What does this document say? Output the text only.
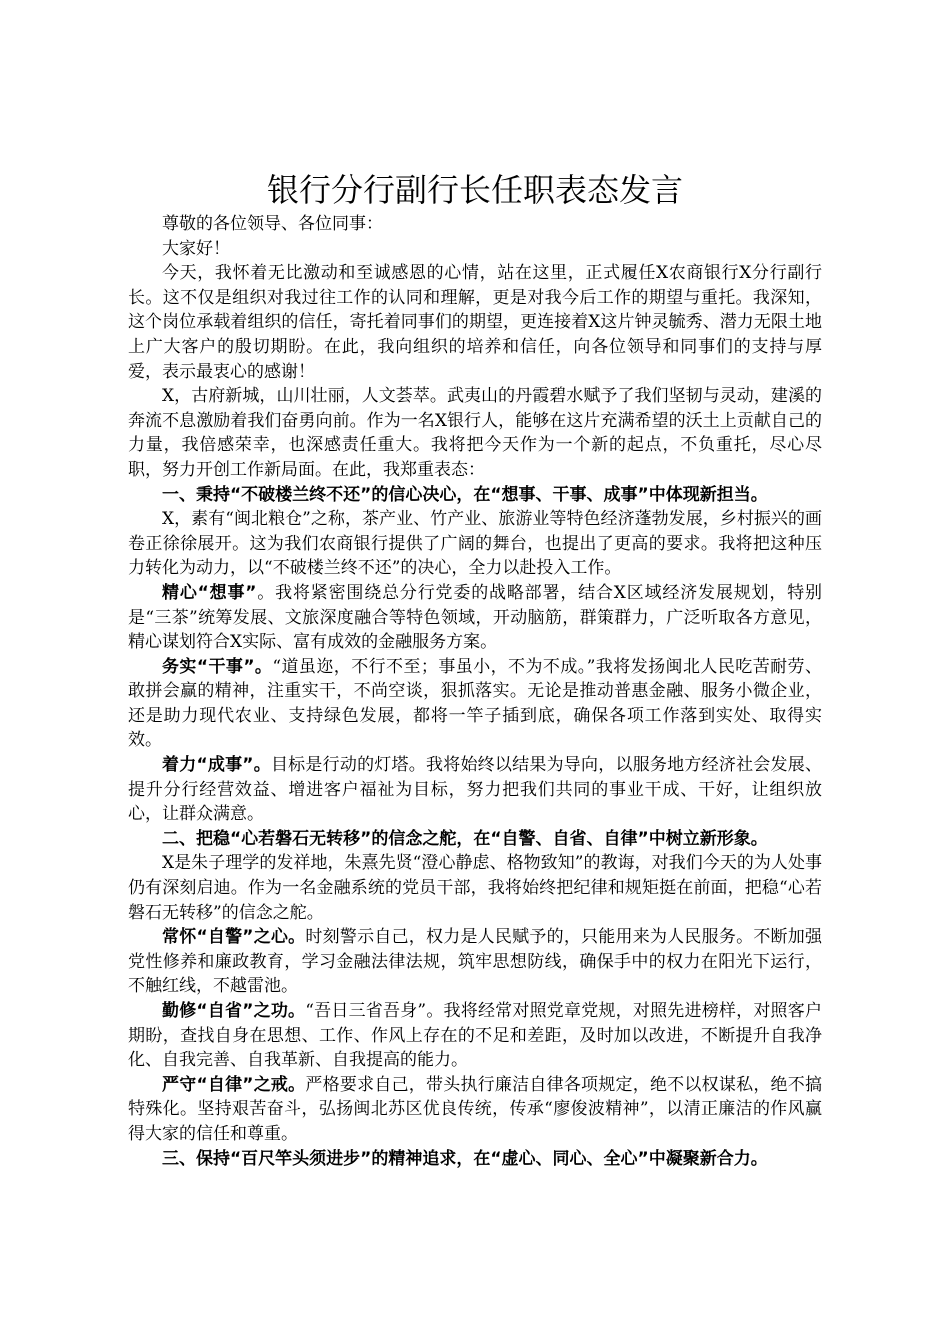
银行分行副行长任职表态发言

尊敬的各位领导、各位同事：

大家好！

今天，我怀着无比激动和至诚感恩的心情，站在这里，正式履任X农商银行X分行副行长。这不仅是组织对我过往工作的认同和理解，更是对我今后工作的期望与重托。我深知，这个岗位承载着组织的信任，寄托着同事们的期望，更连接着X这片钟灵毓秀、潜力无限土地上广大客户的殷切期盼。在此，我向组织的培养和信任，向各位领导和同事们的支持与厚爱，表示最衷心的感谢！

X，古府新城，山川壮丽，人文荟萃。武夷山的丹霞碧水赋予了我们坚韧与灵动，建溪的奔流不息激励着我们奋勇向前。作为一名X银行人，能够在这片充满希望的沃土上贡献自己的力量，我倍感荣幸，也深感责任重大。我将把今天作为一个新的起点，不负重托，尽心尽职，努力开创工作新局面。在此，我郑重表态：

一、秉持“不破楼兰终不还”的信心决心，在“想事、干事、成事”中体现新担当。

X，素有“闽北粮仓”之称，茶产业、竹产业、旅游业等特色经济蓬勃发展，乡村振兴的画卷正徐徐展开。这为我们农商银行提供了广阔的舞台，也提出了更高的要求。我将把这种压力转化为动力，以“不破楼兰终不还”的决心，全力以赴投入工作。

精心“想事”。我将紧密围绕总分行党委的战略部署，结合X区域经济发展规划，特别是“三茶”统筹发展、文旅深度融合等特色领域，开动脑筋，群策群力，广泛听取各方意见，精心谋划符合X实际、富有成效的金融服务方案。

务实“干事”。“道虽迩，不行不至；事虽小，不为不成。”我将发扬闽北人民吃苦耐劳、敢拼会赢的精神，注重实干，不尚空谈，狠抓落实。无论是推动普惠金融、服务小微企业，还是助力现代农业、支持绿色发展，都将一竿子插到底，确保各项工作落到实处、取得实效。

着力“成事”。目标是行动的灯塔。我将始终以结果为导向，以服务地方经济社会发展、提升分行经营效益、增进客户福祉为目标，努力把我们共同的事业干成、干好，让组织放心，让群众满意。

二、把稳“心若磐石无转移”的信念之舵，在“自警、自省、自律”中树立新形象。

X是朱子理学的发祥地，朱熹先贤“澄心静虑、格物致知”的教诲，对我们今天的为人处事仍有深刻启迪。作为一名金融系统的党员干部，我将始终把纪律和规矩挺在前面，把稳“心若磐石无转移”的信念之舵。

常怀“自警”之心。时刻警示自己，权力是人民赋予的，只能用来为人民服务。不断加强党性修养和廉政教育，学习金融法律法规，筑牢思想防线，确保手中的权力在阳光下运行，不触红线，不越雷池。

勤修“自省”之功。“吾日三省吾身”。我将经常对照党章党规，对照先进榜样，对照客户期盼，查找自身在思想、工作、作风上存在的不足和差距，及时加以改进，不断提升自我净化、自我完善、自我革新、自我提高的能力。

严守“自律”之戒。严格要求自己，带头执行廉洁自律各项规定，绝不以权谋私，绝不搞特殊化。坚持艰苦奋斗，弘扬闽北苏区优良传统，传承“廖俊波精神”，以清正廉洁的作风赢得大家的信任和尊重。

三、保持“百尺竿头须进步”的精神追求，在“虚心、同心、全心”中凝聚新合力。
